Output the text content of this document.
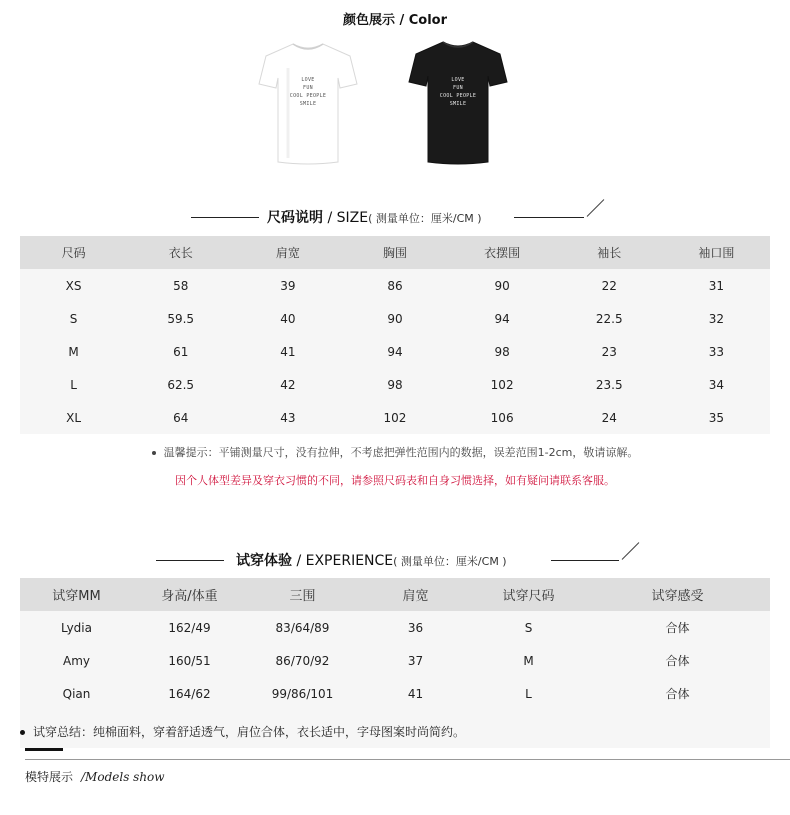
颜色展示 / Color
LOVE
FUN
COOL PEOPLE
SMILE
LOVE
FUN
COOL PEOPLE
SMILE
尺码说明 / SIZE( 测量单位：厘米/CM )
尺码	衣长	肩宽	胸围	衣摆围	袖长	袖口围
XS	58	39	86	90	22	31
S	59.5	40	90	94	22.5	32
M	61	41	94	98	23	33
L	62.5	42	98	102	23.5	34
XL	64	43	102	106	24	35
温馨提示：平铺测量尺寸，没有拉伸，不考虑把弹性范围内的数据，误差范围1-2cm，敬请谅解。
因个人体型差异及穿衣习惯的不同，请参照尺码表和自身习惯选择，如有疑问请联系客服。
试穿体验 / EXPERIENCE( 测量单位：厘米/CM )
试穿MM	身高/体重	三围	肩宽	试穿尺码	试穿感受
Lydia	162/49	83/64/89	36	S	合体
Amy	160/51	86/70/92	37	M	合体
Qian	164/62	99/86/101	41	L	合体
试穿总结：纯棉面料，穿着舒适透气，肩位合体，衣长适中，字母图案时尚简约。
模特展示 /Models show
